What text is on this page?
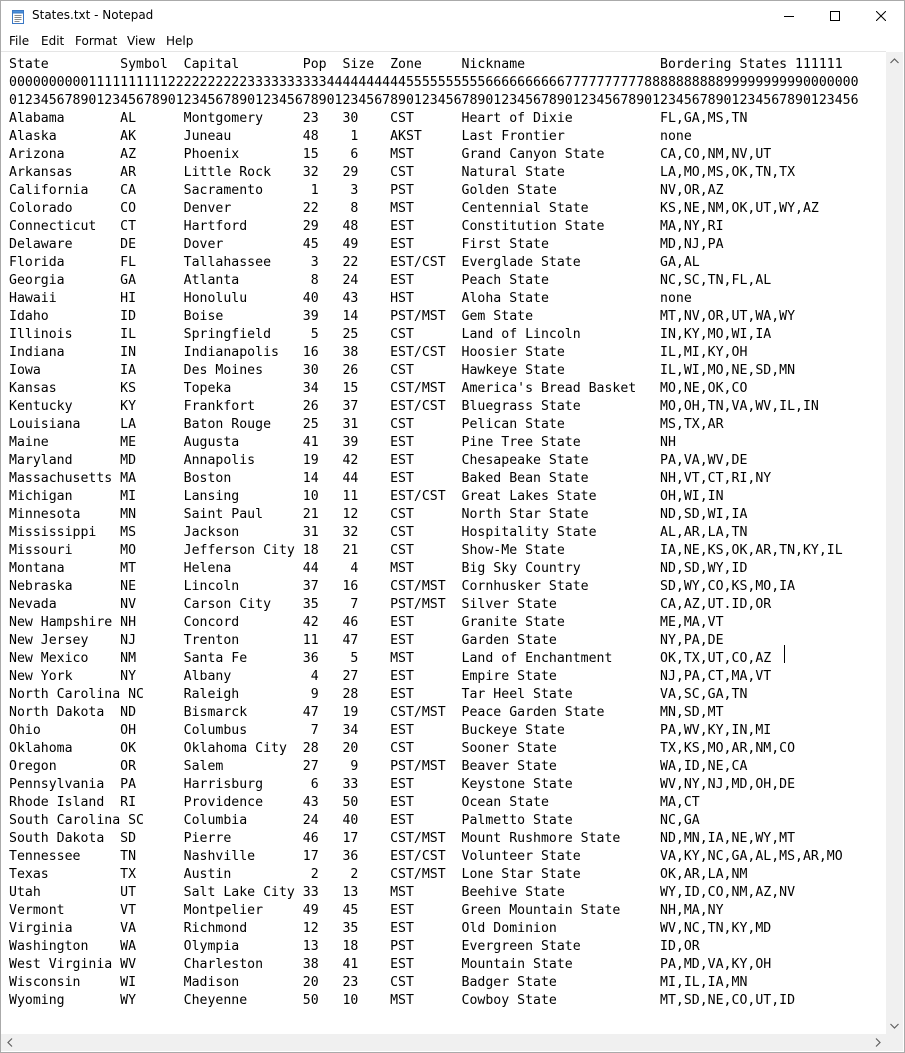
States.txt - Notepad
File Edit Format View Help
State         Symbol  Capital        Pop  Size  Zone     Nickname                 Bordering States 111111
00000000001111111111222222222233333333334444444444555555555566666666667777777777888888888899999999990000000
01234567890123456789012345678901234567890123456789012345678901234567890123456789012345678901234567890123456
Alabama       AL      Montgomery     23   30    CST      Heart of Dixie           FL,GA,MS,TN
Alaska        AK      Juneau         48    1    AKST     Last Frontier            none
Arizona       AZ      Phoenix        15    6    MST      Grand Canyon State       CA,CO,NM,NV,UT
Arkansas      AR      Little Rock    32   29    CST      Natural State            LA,MO,MS,OK,TN,TX
California    CA      Sacramento      1    3    PST      Golden State             NV,OR,AZ
Colorado      CO      Denver         22    8    MST      Centennial State         KS,NE,NM,OK,UT,WY,AZ
Connecticut   CT      Hartford       29   48    EST      Constitution State       MA,NY,RI
Delaware      DE      Dover          45   49    EST      First State              MD,NJ,PA
Florida       FL      Tallahassee     3   22    EST/CST  Everglade State          GA,AL
Georgia       GA      Atlanta         8   24    EST      Peach State              NC,SC,TN,FL,AL
Hawaii        HI      Honolulu       40   43    HST      Aloha State              none
Idaho         ID      Boise          39   14    PST/MST  Gem State                MT,NV,OR,UT,WA,WY
Illinois      IL      Springfield     5   25    CST      Land of Lincoln          IN,KY,MO,WI,IA
Indiana       IN      Indianapolis   16   38    EST/CST  Hoosier State            IL,MI,KY,OH
Iowa          IA      Des Moines     30   26    CST      Hawkeye State            IL,WI,MO,NE,SD,MN
Kansas        KS      Topeka         34   15    CST/MST  America's Bread Basket   MO,NE,OK,CO
Kentucky      KY      Frankfort      26   37    EST/CST  Bluegrass State          MO,OH,TN,VA,WV,IL,IN
Louisiana     LA      Baton Rouge    25   31    CST      Pelican State            MS,TX,AR
Maine         ME      Augusta        41   39    EST      Pine Tree State          NH
Maryland      MD      Annapolis      19   42    EST      Chesapeake State         PA,VA,WV,DE
Massachusetts MA      Boston         14   44    EST      Baked Bean State         NH,VT,CT,RI,NY
Michigan      MI      Lansing        10   11    EST/CST  Great Lakes State        OH,WI,IN
Minnesota     MN      Saint Paul     21   12    CST      North Star State         ND,SD,WI,IA
Mississippi   MS      Jackson        31   32    CST      Hospitality State        AL,AR,LA,TN
Missouri      MO      Jefferson City 18   21    CST      Show-Me State            IA,NE,KS,OK,AR,TN,KY,IL
Montana       MT      Helena         44    4    MST      Big Sky Country          ND,SD,WY,ID
Nebraska      NE      Lincoln        37   16    CST/MST  Cornhusker State         SD,WY,CO,KS,MO,IA
Nevada        NV      Carson City    35    7    PST/MST  Silver State             CA,AZ,UT.ID,OR
New Hampshire NH      Concord        42   46    EST      Granite State            ME,MA,VT
New Jersey    NJ      Trenton        11   47    EST      Garden State             NY,PA,DE
New Mexico    NM      Santa Fe       36    5    MST      Land of Enchantment      OK,TX,UT,CO,AZ
New York      NY      Albany          4   27    EST      Empire State             NJ,PA,CT,MA,VT
North Carolina NC     Raleigh         9   28    EST      Tar Heel State           VA,SC,GA,TN
North Dakota  ND      Bismarck       47   19    CST/MST  Peace Garden State       MN,SD,MT
Ohio          OH      Columbus        7   34    EST      Buckeye State            PA,WV,KY,IN,MI
Oklahoma      OK      Oklahoma City  28   20    CST      Sooner State             TX,KS,MO,AR,NM,CO
Oregon        OR      Salem          27    9    PST/MST  Beaver State             WA,ID,NE,CA
Pennsylvania  PA      Harrisburg      6   33    EST      Keystone State           WV,NY,NJ,MD,OH,DE
Rhode Island  RI      Providence     43   50    EST      Ocean State              MA,CT
South Carolina SC     Columbia       24   40    EST      Palmetto State           NC,GA
South Dakota  SD      Pierre         46   17    CST/MST  Mount Rushmore State     ND,MN,IA,NE,WY,MT
Tennessee     TN      Nashville      17   36    EST/CST  Volunteer State          VA,KY,NC,GA,AL,MS,AR,MO
Texas         TX      Austin          2    2    CST/MST  Lone Star State          OK,AR,LA,NM
Utah          UT      Salt Lake City 33   13    MST      Beehive State            WY,ID,CO,NM,AZ,NV
Vermont       VT      Montpelier     49   45    EST      Green Mountain State     NH,MA,NY
Virginia      VA      Richmond       12   35    EST      Old Dominion             WV,NC,TN,KY,MD
Washington    WA      Olympia        13   18    PST      Evergreen State          ID,OR
West Virginia WV      Charleston     38   41    EST      Mountain State           PA,MD,VA,KY,OH
Wisconsin     WI      Madison        20   23    CST      Badger State             MI,IL,IA,MN
Wyoming       WY      Cheyenne       50   10    MST      Cowboy State             MT,SD,NE,CO,UT,ID
